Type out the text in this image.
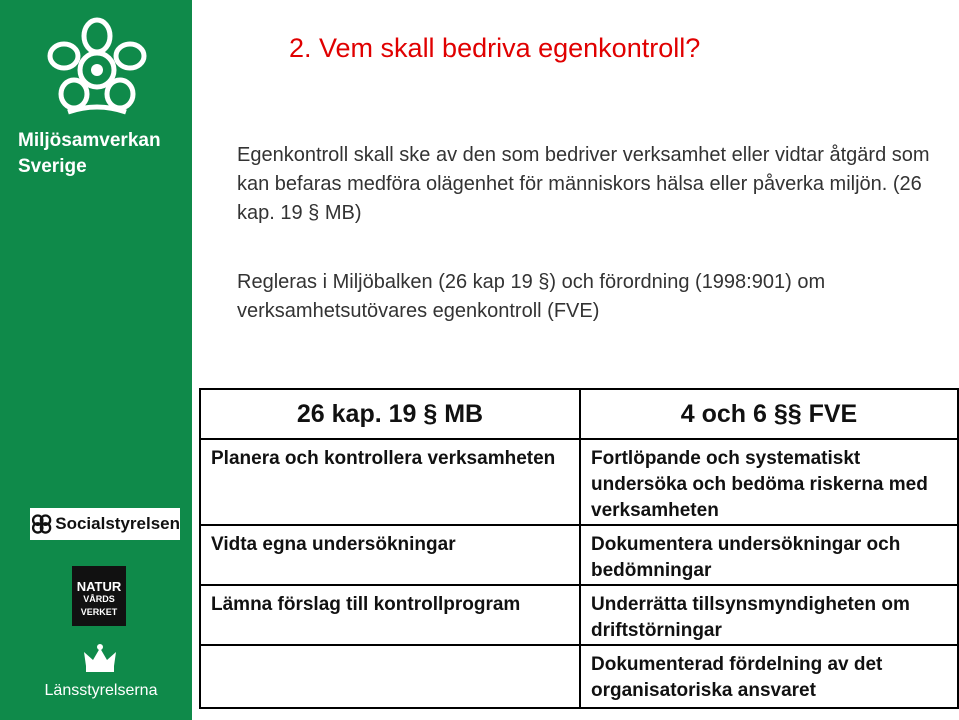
Miljösamverkan
Sverige
Socialstyrelsen
NATUR
VÅRDS
VERKET
Länsstyrelserna
2. Vem skall bedriva egenkontroll?

Egenkontroll skall ske av den som bedriver verksamhet eller vidtar åtgärd som kan befaras medföra olägenhet för människors hälsa eller påverka miljön. (26 kap. 19 § MB)

Regleras i Miljöbalken (26 kap 19 §) och förordning (1998:901) om verksamhetsutövares egenkontroll (FVE)

26 kap. 19 § MB	4 och 6 §§ FVE

Planera och kontrollera verksamheten	Fortlöpande och systematiskt undersöka och bedöma riskerna med verksamheten

Vidta egna undersökningar	Dokumentera undersökningar och bedömningar

Lämna förslag till kontrollprogram	Underrätta tillsynsmyndigheten om driftstörningar

	Dokumenterad fördelning av det organisatoriska ansvaret
